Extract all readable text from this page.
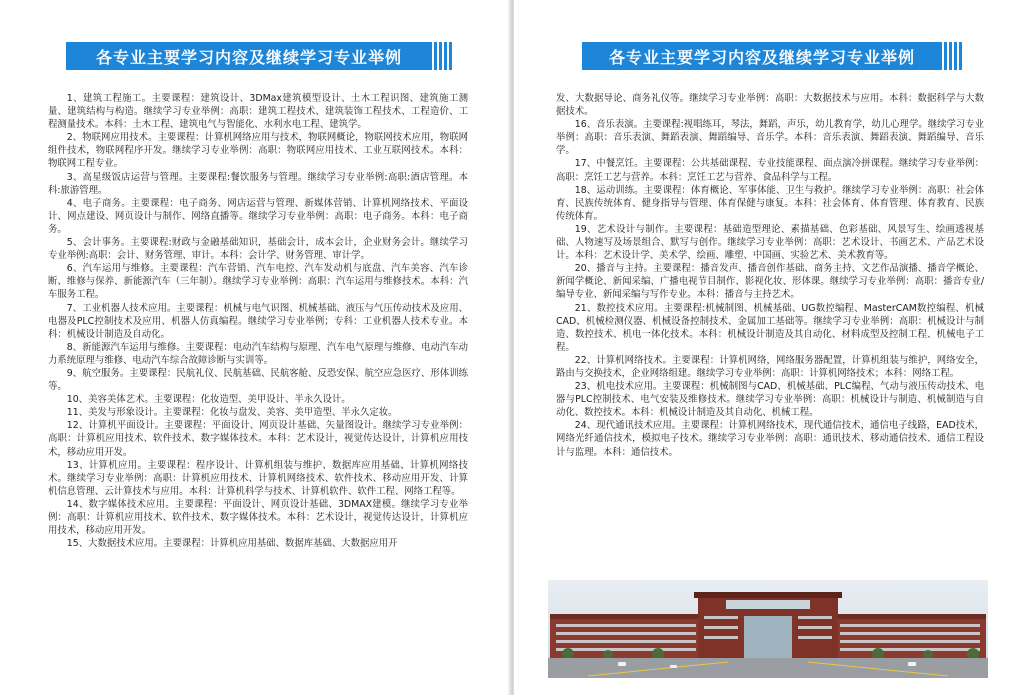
各专业主要学习内容及继续学习专业举例

1、建筑工程施工。主要课程：建筑设计、3DMax建筑模型设计、土木工程识图、建筑施工测量、建筑结构与构造。继续学习专业举例：高职：建筑工程技术、建筑装饰工程技术、工程造价、工程测量技术。本科：土木工程、建筑电气与智能化、水利水电工程、建筑学。

2、物联网应用技术。主要课程：计算机网络应用与技术，物联网概论，物联网技术应用，物联网组件技术，物联网程序开发。继续学习专业举例：高职：物联网应用技术、工业互联网技术。本科：物联网工程专业。

3、高星级饭店运营与管理。主要课程:餐饮服务与管理。继续学习专业举例:高职:酒店管理。本科:旅游管理。

4、电子商务。主要课程：电子商务、网店运营与管理、新媒体营销、计算机网络技术、平面设计、网点建设、网页设计与制作、网络直播等。继续学习专业举例：高职：电子商务。本科：电子商务。

5、会计事务。主要课程:财政与金融基础知识，基础会计，成本会计，企业财务会计。继续学习专业举例:高职：会计、财务管理、审计。本科：会计学、财务管理、审计学。

6、汽车运用与维修。主要课程：汽车营销、汽车电控、汽车发动机与底盘、汽车美容、汽车诊断、维修与保养、新能源汽车（三年制）。继续学习专业举例：高职：汽车运用与维修技术。本科：汽车服务工程。

7、工业机器人技术应用。主要课程：机械与电气识图、机械基础、液压与气压传动技术及应用、电器及PLC控制技术及应用、机器人仿真编程。继续学习专业举例；专科：工业机器人技术专业。本科：机械设计制造及自动化。

8、新能源汽车运用与维修。主要课程：电动汽车结构与原理、汽车电气原理与维修、电动汽车动力系统原理与维修、电动汽车综合故障诊断与实训等。

9、航空服务。主要课程：民航礼仪、民航基础、民航客舱、反恐安保、航空应急医疗、形体训练等。

10、美容美体艺术。主要课程：化妆造型、美甲设计、半永久设计。

11、美发与形象设计。主要课程：化妆与盘发、美容、美甲造型、半永久定妆。

12、计算机平面设计。主要课程：平面设计、网页设计基础、矢量图设计。继续学习专业举例：高职：计算机应用技术、软件技术、数字媒体技术。本科：艺术设计，视觉传达设计，计算机应用技术，移动应用开发。

13、计算机应用。主要课程：程序设计、计算机组装与维护、数据库应用基础、计算机网络技术。继续学习专业举例：高职：计算机应用技术、计算机网络技术、软件技术、移动应用开发、计算机信息管理、云计算技术与应用。本科：计算机科学与技术、计算机软件、软件工程、网络工程等。

14、数字媒体技术应用。主要课程：平面设计、网页设计基础、3DMAX建模。继续学习专业举例：高职：计算机应用技术、软件技术、数字媒体技术。本科：艺术设计，视觉传达设计，计算机应用技术，移动应用开发。

15、大数据技术应用。主要课程：计算机应用基础、数据库基础、大数据应用开

各专业主要学习内容及继续学习专业举例

发、大数据导论、商务礼仪等。继续学习专业举例：高职：大数据技术与应用。本科：数据科学与大数据技术。

16、音乐表演。主要课程:视唱练耳，琴法，舞蹈，声乐，幼儿教育学，幼儿心理学。继续学习专业举例：高职：音乐表演、舞蹈表演、舞蹈编导、音乐学。本科：音乐表演、舞蹈表演、舞蹈编导、音乐学。

17、中餐烹饪。主要课程：公共基础课程、专业技能课程、面点演冷拼课程。继续学习专业举例：高职：烹饪工艺与营养。本科：烹饪工艺与营养、食品科学与工程。

18、运动训练。主要课程：体育概论、军事体能、卫生与救护。继续学习专业举例：高职：社会体育、民族传统体育、健身指导与管理、体育保健与康复。本科：社会体育、体育管理、体育教育、民族传统体育。

19、艺术设计与制作。主要课程：基础造型理论、素描基础、色彩基础、风景写生、绘画透视基础、人物速写及场景组合、默写与创作。继续学习专业举例：高职：艺术设计、书画艺术、产品艺术设计。本科：艺术设计学、美术学、绘画、雕塑、中国画、实验艺术、美术教育等。

20、播音与主持。主要课程：播音发声、播音创作基础、商务主持、文艺作品演播、播音学概论、新闻学概论、新闻采编、广播电视节目制作、影视化妆、形体课。继续学习专业举例：高职：播音专业/编导专业、新闻采编与写作专业。本科：播音与主持艺术。

21、数控技术应用。主要课程:机械制图、机械基础、UG数控编程、MasterCAM数控编程、机械CAD、机械检测仪器、机械设备控制技术、金属加工基础等。继续学习专业举例：高职：机械设计与制造、数控技术、机电一体化技术。本科：机械设计制造及其自动化、材料成型及控制工程、机械电子工程。

22、计算机网络技术。主要课程：计算机网络，网络服务器配置，计算机组装与维护，网络安全，路由与交换技术，企业网络组建。继续学习专业举例：高职：计算机网络技术；本科：网络工程。

23、机电技术应用。主要课程：机械制图与CAD、机械基础、PLC编程、气动与液压传动技术、电器与PLC控制技术、电气安装及维修技术。继续学习专业举例：高职：机械设计与制造、机械制造与自动化、数控技术。本科：机械设计制造及其自动化、机械工程。

24、现代通讯技术应用。主要课程：计算机网络技术，现代通信技术，通信电子线路，EAD技术，网络光纤通信技术，模拟电子技术。继续学习专业举例：高职：通讯技术、移动通信技术、通信工程设计与监理。本科：通信技术。
